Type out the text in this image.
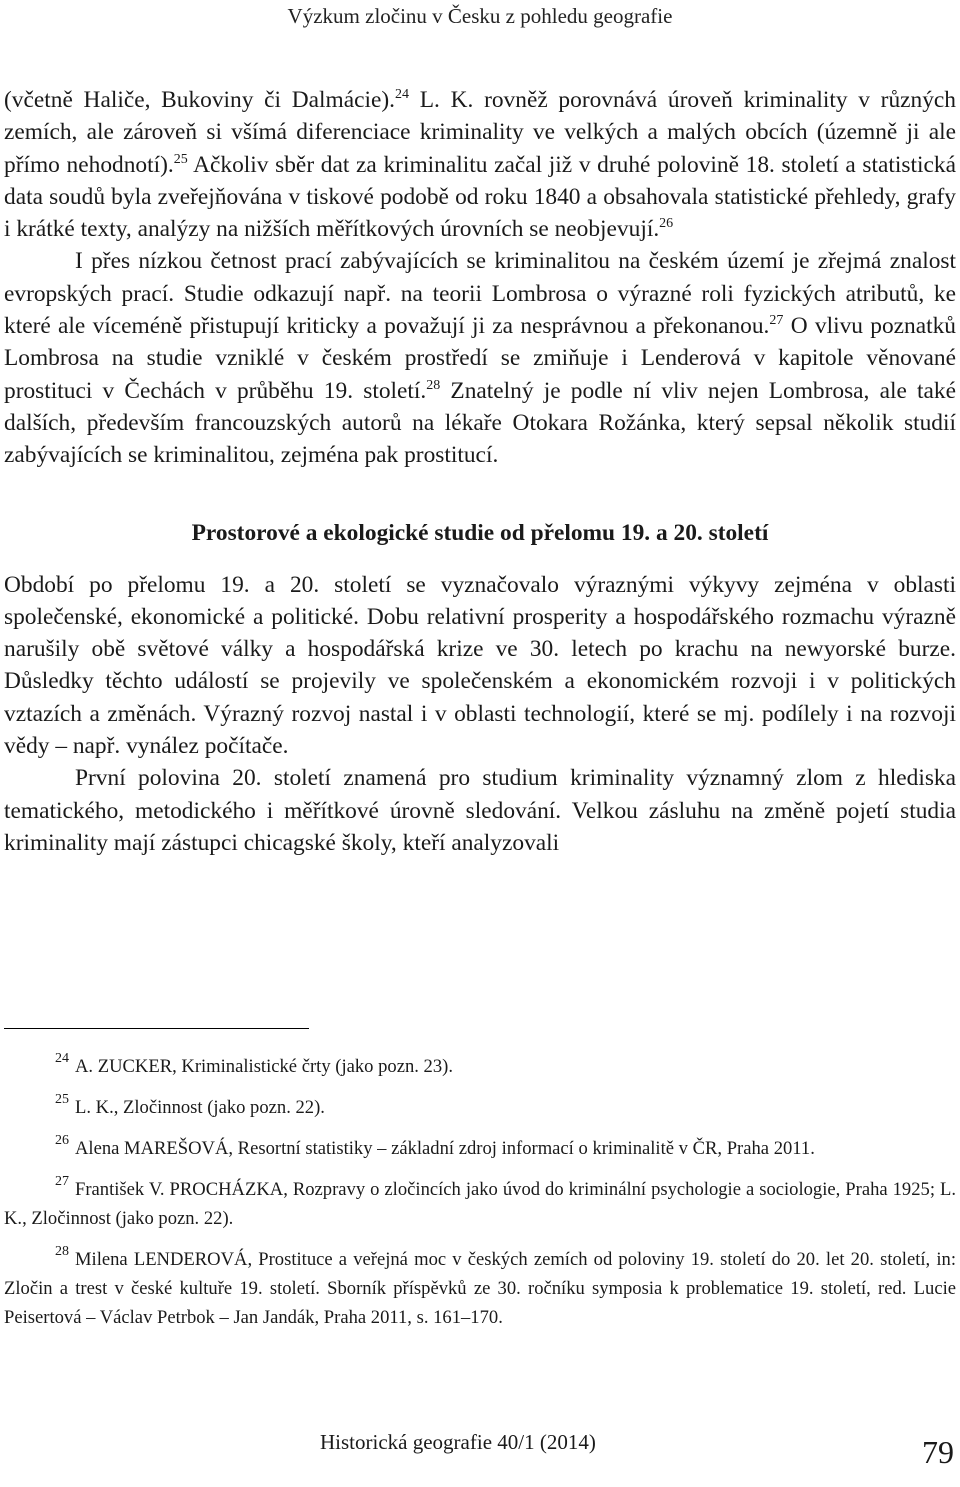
Výzkum zločinu v Česku z pohledu geografie

(včetně Haliče, Bukoviny či Dalmácie).$^{24}$ L. K. rovněž porovnává úroveň kriminality v různých zemích, ale zároveň si všímá diferenciace kriminality ve velkých a malých obcích (územně ji ale přímo nehodnotí).$^{25}$ Ačkoliv sběr dat za kriminalitu začal již v druhé polovině 18. století a statistická data soudů byla zveřejňována v tiskové podobě od roku 1840 a obsahovala statistické přehledy, grafy i krátké texty, analýzy na nižších měřítkových úrovních se neobjevují.$^{26}$

I přes nízkou četnost prací zabývajících se kriminalitou na českém území je zřejmá znalost evropských prací. Studie odkazují např. na teorii Lombrosa o výrazné roli fyzických atributů, ke které ale víceméně přistupují kriticky a považují ji za nesprávnou a překonanou.$^{27}$ O vlivu poznatků Lombrosa na studie vzniklé v českém prostředí se zmiňuje i Lenderová v kapitole věnované prostituci v Čechách v průběhu 19. století.$^{28}$ Znatelný je podle ní vliv nejen Lombrosa, ale také dalších, především francouzských autorů na lékaře Otokara Rožánka, který sepsal několik studií zabývajících se kriminalitou, zejména pak prostitucí.

Prostorové a ekologické studie od přelomu 19. a 20. století

Období po přelomu 19. a 20. století se vyznačovalo výraznými výkyvy zejména v oblasti společenské, ekonomické a politické. Dobu relativní prosperity a hospodářského rozmachu výrazně narušily obě světové války a hospodářská krize ve 30. letech po krachu na newyorské burze. Důsledky těchto událostí se projevily ve společenském a ekonomickém rozvoji i v politických vztazích a změnách. Výrazný rozvoj nastal i v oblasti technologií, které se mj. podílely i na rozvoji vědy – např. vynález počítače.

První polovina 20. století znamená pro studium kriminality významný zlom z hlediska tematického, metodického i měřítkové úrovně sledování. Velkou zásluhu na změně pojetí studia kriminality mají zástupci chicagské školy, kteří analyzovali

$^{24}$ A. ZUCKER, Kriminalistické črty (jako pozn. 23).

$^{25}$ L. K., Zločinnost (jako pozn. 22).

$^{26}$ Alena MAREŠOVÁ, Resortní statistiky – základní zdroj informací o kriminalitě v ČR, Praha 2011.

$^{27}$ František V. PROCHÁZKA, Rozpravy o zločincích jako úvod do kriminální psychologie a sociologie, Praha 1925; L. K., Zločinnost (jako pozn. 22).

$^{28}$ Milena LENDEROVÁ, Prostituce a veřejná moc v českých zemích od poloviny 19. století do 20. let 20. století, in: Zločin a trest v české kultuře 19. století. Sborník příspěvků ze 30. ročníku symposia k problematice 19. století, red. Lucie Peisertová – Václav Petrbok – Jan Jandák, Praha 2011, s. 161–170.

Historická geografie 40/1 (2014)	79
